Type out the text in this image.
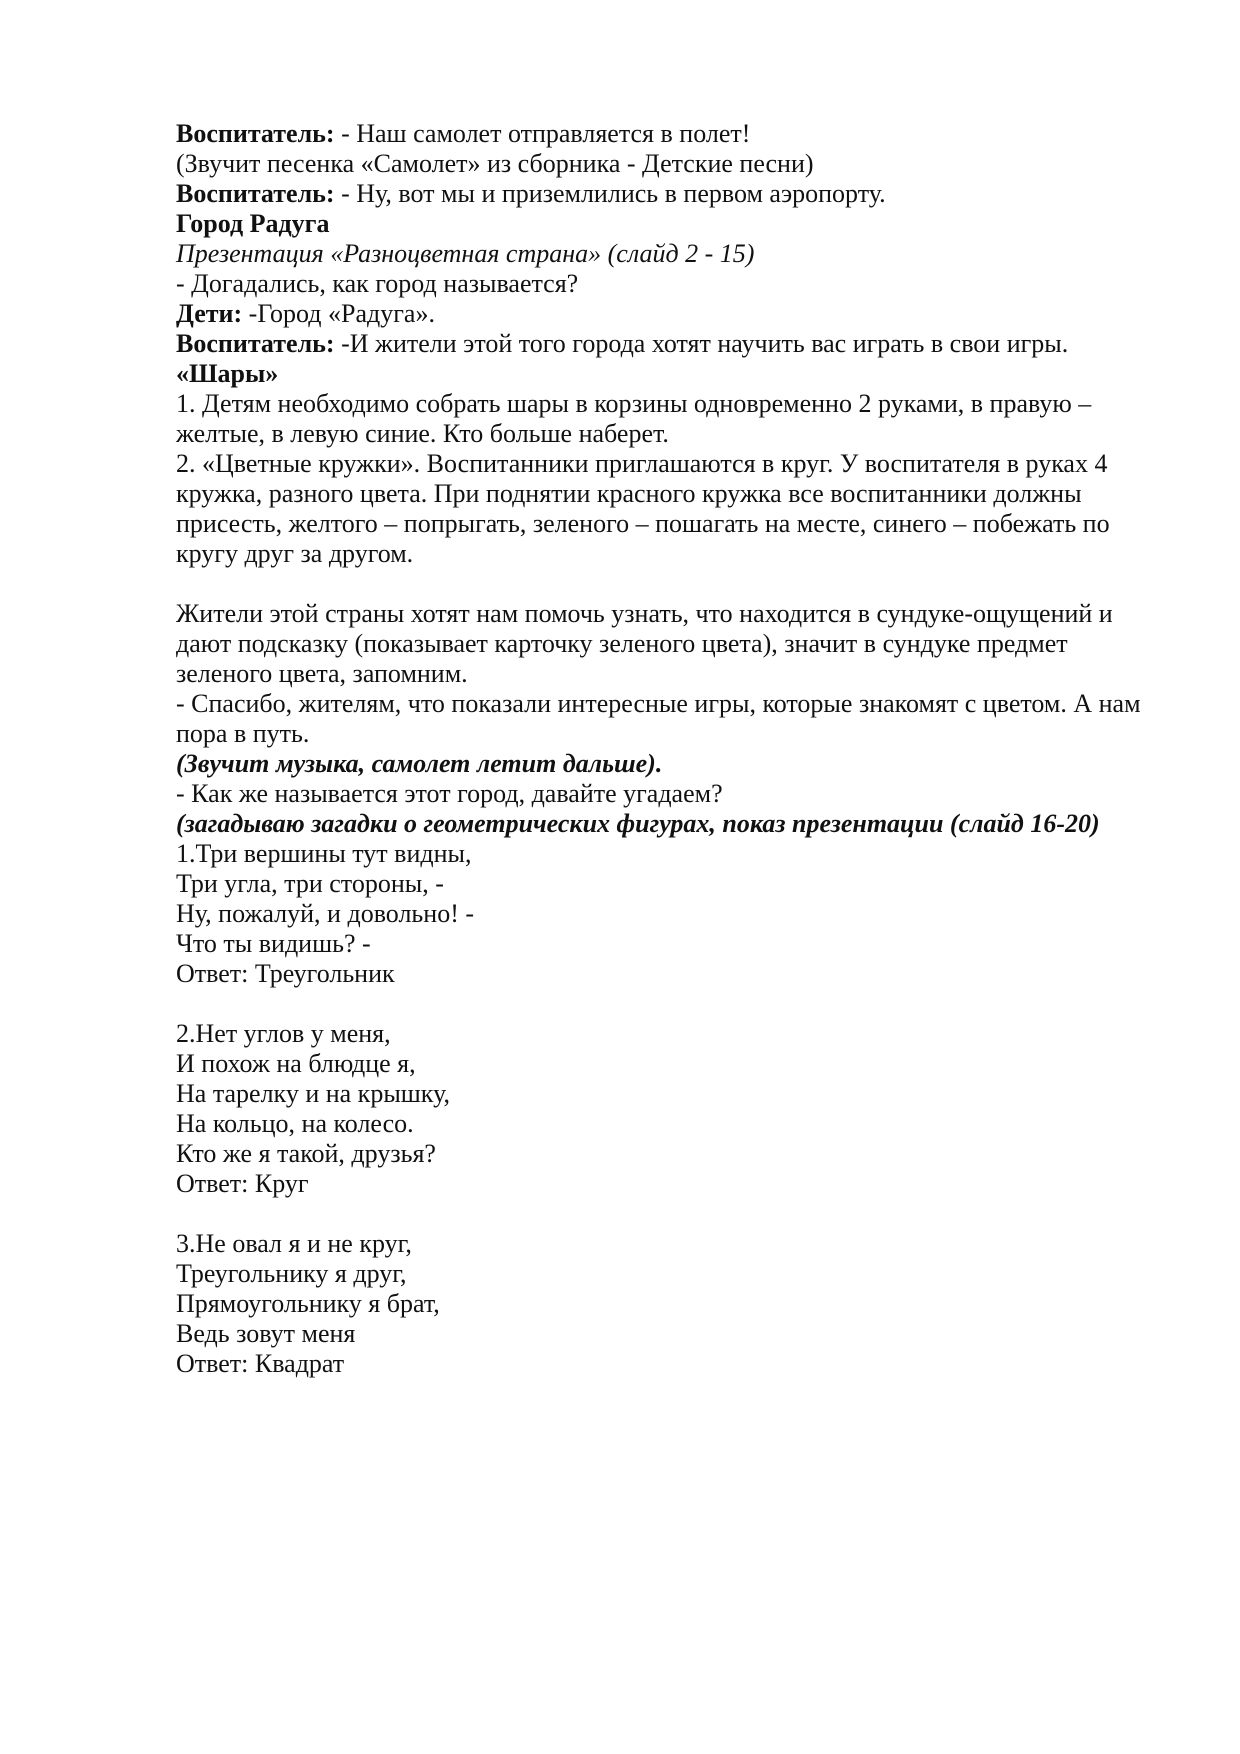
Воспитатель: - Наш самолет отправляется в полет!
(Звучит песенка «Самолет» из сборника - Детские песни)
Воспитатель: - Ну, вот мы и приземлились в первом аэропорту.
Город Радуга
Презентация «Разноцветная страна» (слайд 2 - 15)
- Догадались, как город называется?
Дети: -Город «Радуга».
Воспитатель: -И жители этой того города хотят научить вас играть в свои игры.
«Шары»
1. Детям необходимо собрать шары в корзины одновременно 2 руками, в правую – желтые, в левую синие. Кто больше наберет.
2. «Цветные кружки». Воспитанники приглашаются в круг. У воспитателя в руках 4 кружка, разного цвета. При поднятии красного кружка все воспитанники должны присесть, желтого – попрыгать, зеленого – пошагать на месте, синего – побежать по кругу друг за другом.
Жители этой страны хотят нам помочь узнать, что находится в сундуке-ощущений и дают подсказку (показывает карточку зеленого цвета), значит в сундуке предмет зеленого цвета, запомним.
- Спасибо, жителям, что показали интересные игры, которые знакомят с цветом. А нам пора в путь.
(Звучит музыка, самолет летит дальше).
- Как же называется этот город, давайте угадаем?
(загадываю загадки о геометрических фигурах, показ презентации (слайд 16-20)
1.Три вершины тут видны,
Три угла, три стороны, -
Ну, пожалуй, и довольно! -
Что ты видишь? -
Ответ: Треугольник
2.Нет углов у меня,
И похож на блюдце я,
На тарелку и на крышку,
На кольцо, на колесо.
Кто же я такой, друзья?
Ответ: Круг
3.Не овал я и не круг,
Треугольнику я друг,
Прямоугольнику я брат,
Ведь зовут меня
Ответ: Квадрат
